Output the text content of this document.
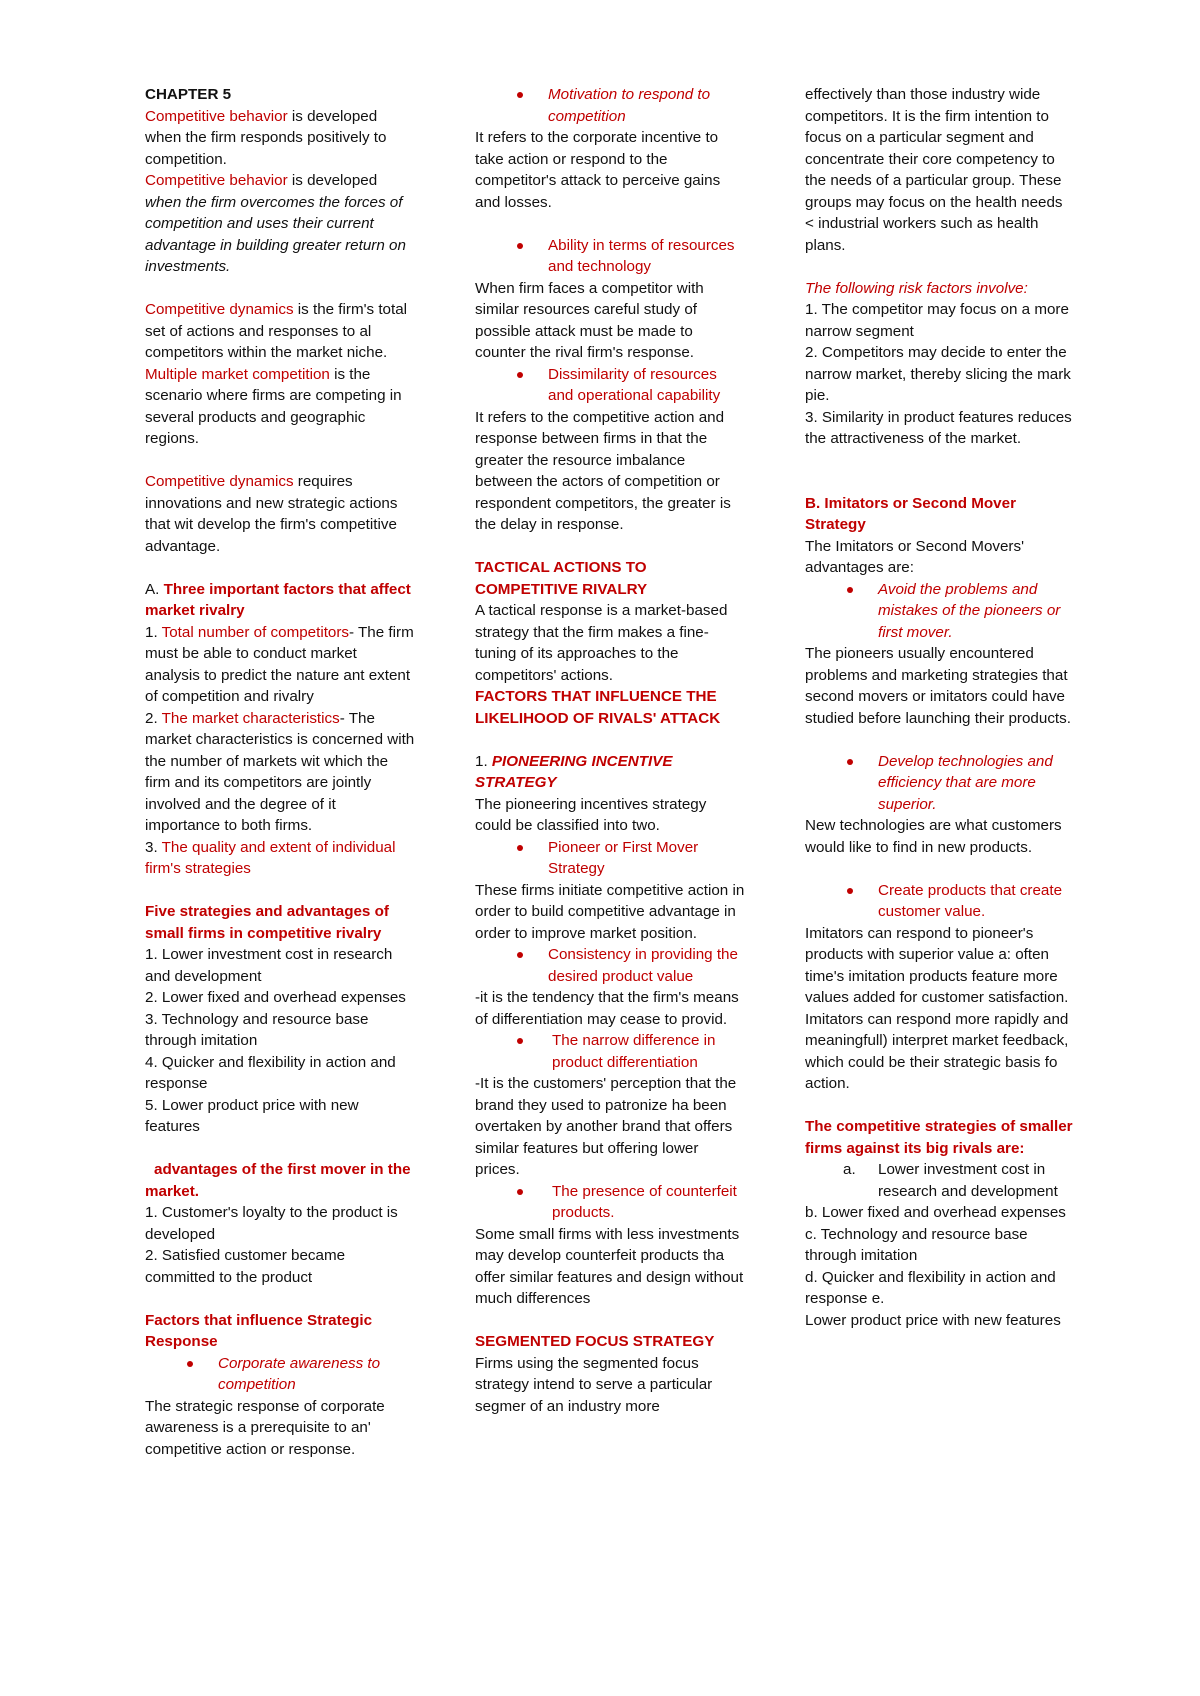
CHAPTER 5

Competitive behavior is developed when the firm responds positively to competition.

Competitive behavior is developed when the firm overcomes the forces of competition and uses their current advantage in building greater return on investments.

Competitive dynamics is the firm's total set of actions and responses to al competitors within the market niche.

Multiple market competition is the scenario where firms are competing in several products and geographic regions.

Competitive dynamics requires innovations and new strategic actions that wit develop the firm's competitive advantage.

A. Three important factors that affect market rivalry

1. Total number of competitors- The firm must be able to conduct market analysis to predict the nature ant extent of competition and rivalry

2. The market characteristics- The market characteristics is concerned with the number of markets wit which the firm and its competitors are jointly involved and the degree of it importance to both firms.

3. The quality and extent of individual firm's strategies

Five strategies and advantages of small firms in competitive rivalry

1. Lower investment cost in research and development

2. Lower fixed and overhead expenses

3. Technology and resource base through imitation

4. Quicker and flexibility in action and response

5. Lower product price with new features

advantages of the first mover in the market.

1. Customer's loyalty to the product is developed

2. Satisfied customer became committed to the product

Factors that influence Strategic Response

Corporate awareness to competition

The strategic response of corporate awareness is a prerequisite to an' competitive action or response.

Motivation to respond to competition

It refers to the corporate incentive to take action or respond to the competitor's attack to perceive gains and losses.

Ability in terms of resources and technology

When firm faces a competitor with similar resources careful study of possible attack must be made to counter the rival firm's response.

Dissimilarity of resources and operational capability

It refers to the competitive action and response between firms in that the greater the resource imbalance between the actors of competition or respondent competitors, the greater is the delay in response.

TACTICAL ACTIONS TO COMPETITIVE RIVALRY

A tactical response is a market-based strategy that the firm makes a fine-tuning of its approaches to the competitors' actions.

FACTORS THAT INFLUENCE THE LIKELIHOOD OF RIVALS' ATTACK

1. PIONEERING INCENTIVE STRATEGY

The pioneering incentives strategy could be classified into two.

Pioneer or First Mover Strategy

These firms initiate competitive action in order to build competitive advantage in order to improve market position.

Consistency in providing the desired product value

-it is the tendency that the firm's means of differentiation may cease to provid.

The narrow difference in product differentiation

-It is the customers' perception that the brand they used to patronize ha been overtaken by another brand that offers similar features but offering lower prices.

The presence of counterfeit products.

Some small firms with less investments may develop counterfeit products tha offer similar features and design without much differences

SEGMENTED FOCUS STRATEGY

Firms using the segmented focus strategy intend to serve a particular segmer of an industry more

effectively than those industry wide competitors. It is the firm intention to focus on a particular segment and concentrate their core competency to the needs of a particular group. These groups may focus on the health needs < industrial workers such as health plans.

The following risk factors involve:

1. The competitor may focus on a more narrow segment

2. Competitors may decide to enter the narrow market, thereby slicing the mark pie.

3. Similarity in product features reduces the attractiveness of the market.

B. Imitators or Second Mover Strategy

The Imitators or Second Movers' advantages are:

Avoid the problems and mistakes of the pioneers or first mover.

The pioneers usually encountered problems and marketing strategies that second movers or imitators could have studied before launching their products.

Develop technologies and efficiency that are more superior.

New technologies are what customers would like to find in new products.

Create products that create customer value.

Imitators can respond to pioneer's products with superior value a: often time's imitation products feature more values added for customer satisfaction. Imitators can respond more rapidly and meaningfull) interpret market feedback, which could be their strategic basis fo action.

The competitive strategies of smaller firms against its big rivals are:

a. Lower investment cost in research and development

b. Lower fixed and overhead expenses

c. Technology and resource base through imitation

d. Quicker and flexibility in action and response e.

Lower product price with new features
